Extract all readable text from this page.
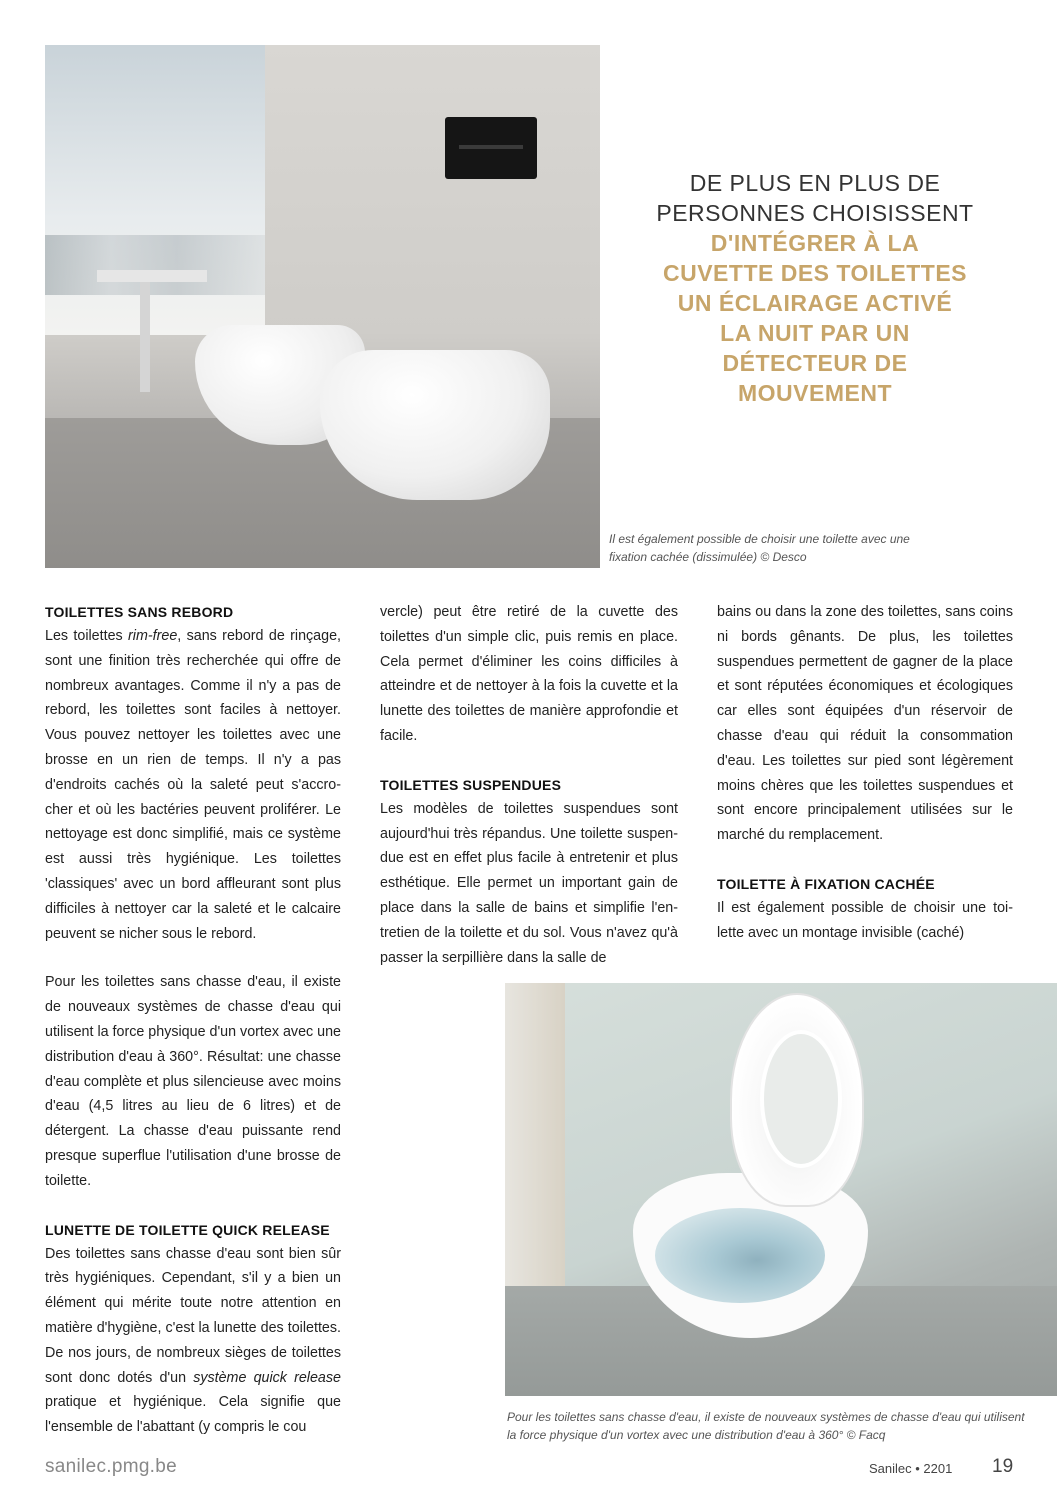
DE PLUS EN PLUS DE
PERSONNES CHOISISSENT
D'INTÉGRER À LA
CUVETTE DES TOILETTES
UN ÉCLAIRAGE ACTIVÉ
LA NUIT PAR UN
DÉTECTEUR DE
MOUVEMENT
Il est également possible de choisir une toilette avec une fixation cachée (dissimulée) © Desco
TOILETTES SANS REBORD

Les toilettes rim-free, sans rebord de rinçage, sont une finition très recherchée qui offre de nombreux avantages. Comme il n'y a pas de rebord, les toilettes sont faciles à nettoyer. Vous pouvez nettoyer les toilettes avec une brosse en un rien de temps. Il n'y a pas d'endroits cachés où la saleté peut s'accrocher et où les bactéries peuvent proliférer. Le nettoyage est donc simplifié, mais ce système est aussi très hygiénique. Les toilettes 'classiques' avec un bord affleurant sont plus difficiles à nettoyer car la saleté et le calcaire peuvent se nicher sous le rebord.

Pour les toilettes sans chasse d'eau, il existe de nouveaux systèmes de chasse d'eau qui utilisent la force physique d'un vortex avec une distribution d'eau à 360°. Résultat: une chasse d'eau complète et plus silencieuse avec moins d'eau (4,5 litres au lieu de 6 litres) et de détergent. La chasse d'eau puissante rend presque superflue l'utilisation d'une brosse de toilette.

LUNETTE DE TOILETTE QUICK RELEASE

Des toilettes sans chasse d'eau sont bien sûr très hygiéniques. Cependant, s'il y a bien un élément qui mérite toute notre attention en matière d'hygiène, c'est la lunette des toilettes. De nos jours, de nombreux sièges de toilettes sont donc dotés d'un système quick release pratique et hygiénique. Cela signifie que l'ensemble de l'abattant (y compris le cou

vercle) peut être retiré de la cuvette des toilettes d'un simple clic, puis remis en place. Cela permet d'éliminer les coins difficiles à atteindre et de nettoyer à la fois la cuvette et la lunette des toilettes de manière approfondie et facile.

TOILETTES SUSPENDUES

Les modèles de toilettes suspendues sont aujourd'hui très répandus. Une toilette suspendue est en effet plus facile à entretenir et plus esthétique. Elle permet un important gain de place dans la salle de bains et simplifie l'entretien de la toilette et du sol. Vous n'avez qu'à passer la serpillière dans la salle de

bains ou dans la zone des toilettes, sans coins ni bords gênants. De plus, les toilettes suspendues permettent de gagner de la place et sont réputées économiques et écologiques car elles sont équipées d'un réservoir de chasse d'eau qui réduit la consommation d'eau. Les toilettes sur pied sont légèrement moins chères que les toilettes suspendues et sont encore principalement utilisées sur le marché du remplacement.

TOILETTE À FIXATION CACHÉE

Il est également possible de choisir une toilette avec un montage invisible (caché)

Pour les toilettes sans chasse d'eau, il existe de nouveaux systèmes de chasse d'eau qui utilisent la force physique d'un vortex avec une distribution d'eau à 360° © Facq
sanilec.pmg.be	Sanilec • 2201 19
